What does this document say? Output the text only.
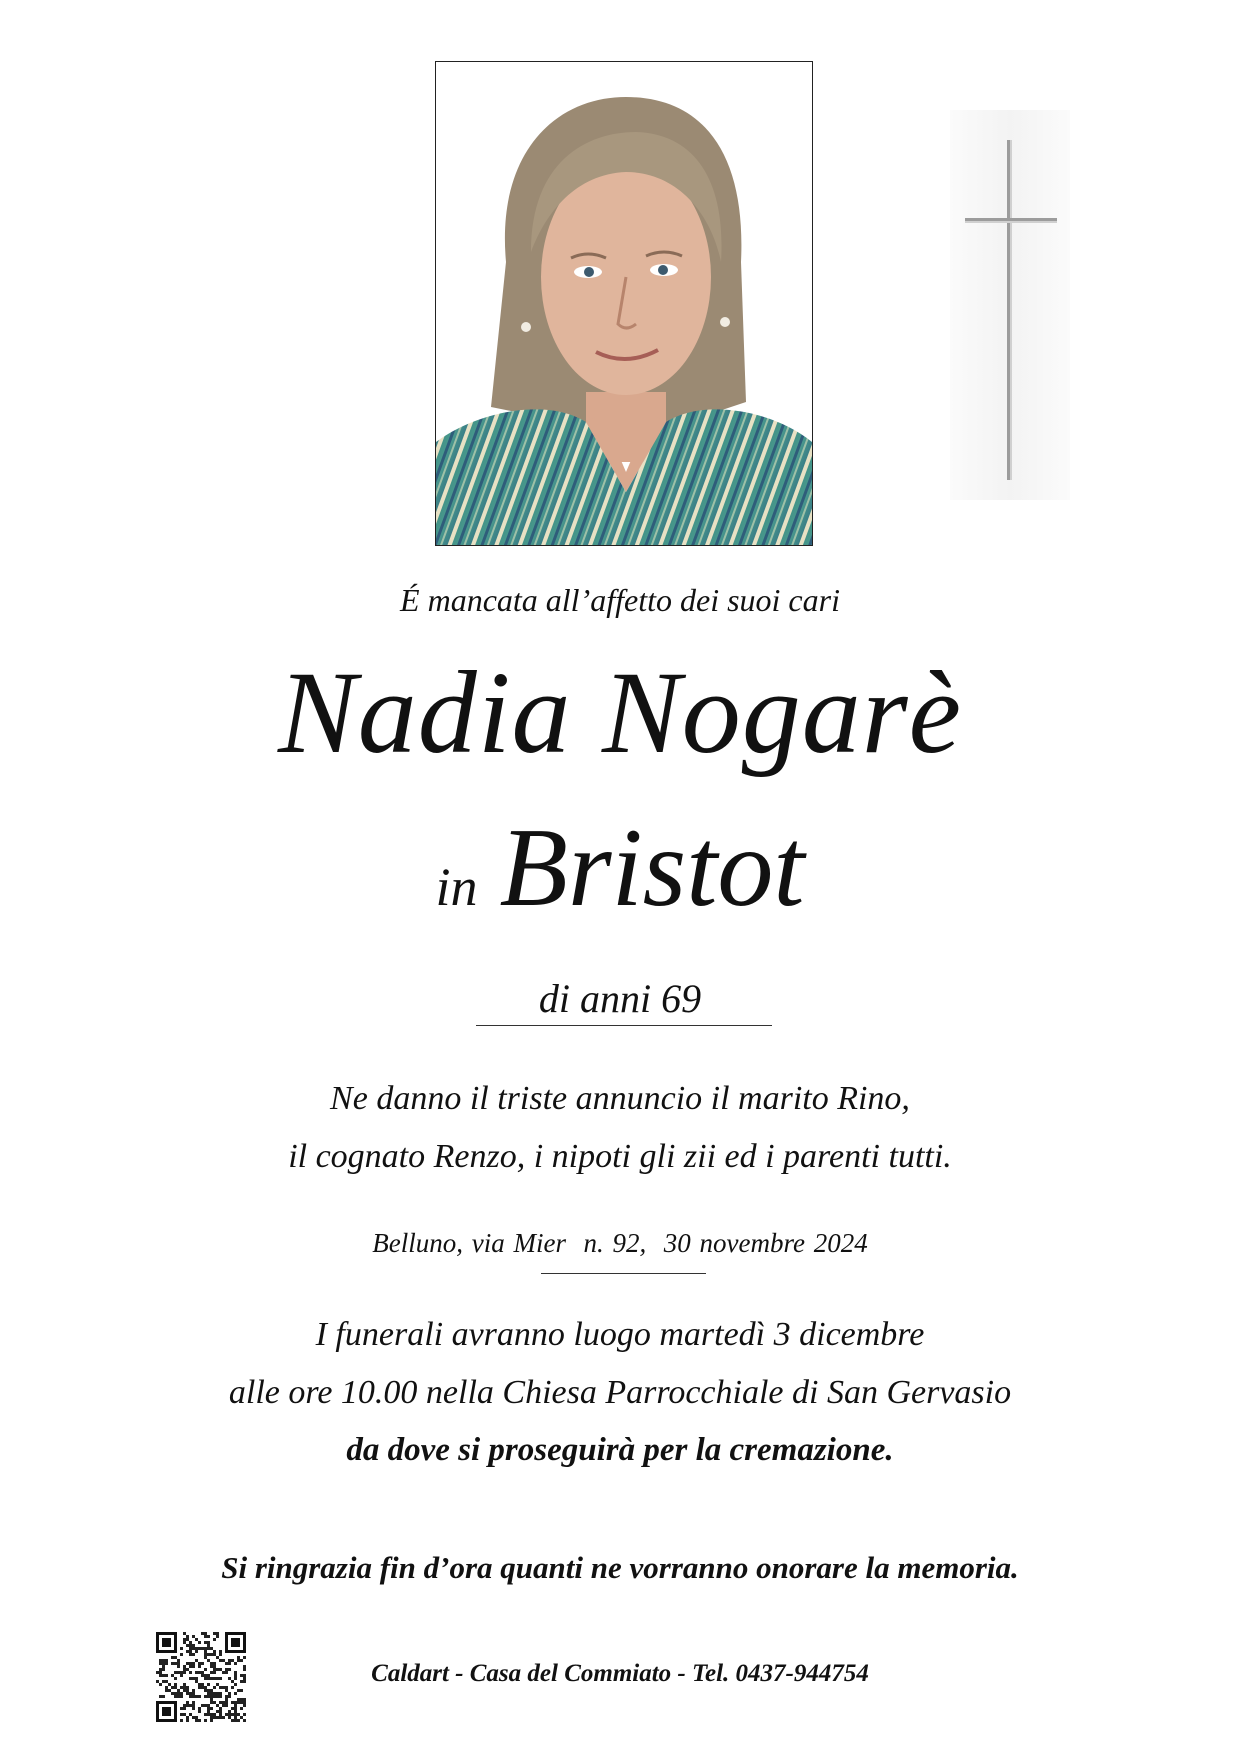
É mancata all’affetto dei suoi cari
Nadia Nogarè
in Bristot
di anni 69
Ne danno il triste annuncio il marito Rino,
il cognato Renzo, i nipoti gli zii ed i parenti tutti.
Belluno, via Mier  n. 92,  30 novembre 2024
I funerali avranno luogo martedì 3 dicembre
alle ore 10.00 nella Chiesa Parrocchiale di San Gervasio
da dove si proseguirà per la cremazione.
Si ringrazia fin d’ora quanti ne vorranno onorare la memoria.
Caldart - Casa del Commiato - Tel. 0437-944754
